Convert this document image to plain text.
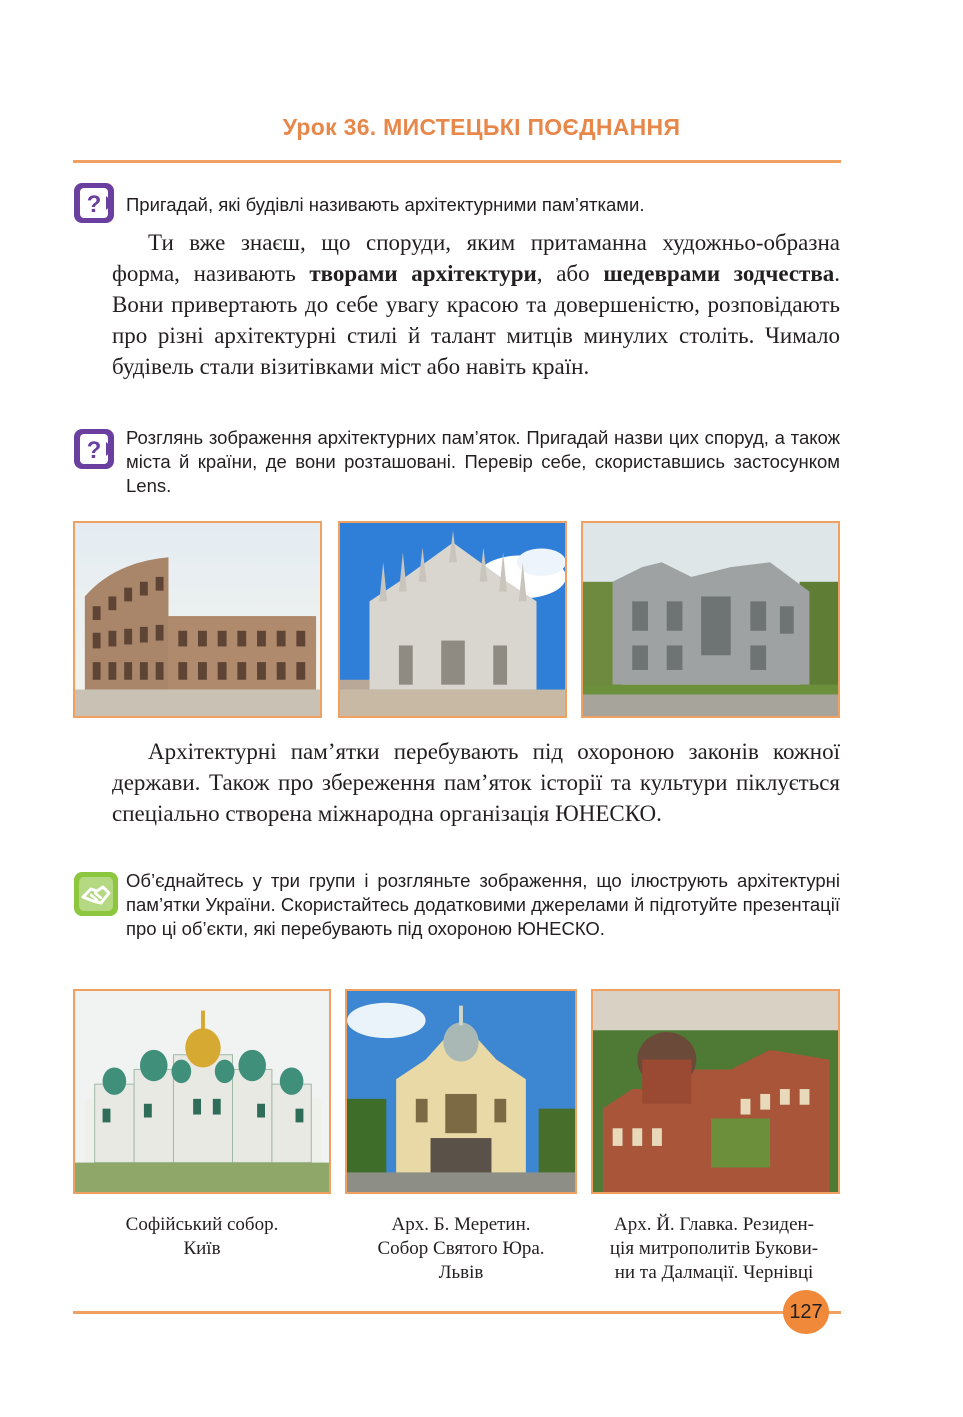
Урок 36. МИСТЕЦЬКІ ПОЄДНАННЯ
? Пригадай, які будівлі називають архітектурними пам’ятками.

Ти вже знаєш, що споруди, яким притаманна художньо-образна форма, називають творами архітектури, або шедеврами зодчества. Вони привертають до себе увагу красою та довершеністю, розповідають про різні архітектурні стилі й талант митців минулих століть. Чимало будівель стали візитівками міст або навіть країн.

? Розглянь зображення архітектурних пам’яток. Пригадай назви цих споруд, а також міста й країни, де вони розташовані. Перевір себе, скориставшись застосунком Lens.

Архітектурні пам’ятки перебувають під охороною законів кожної держави. Також про збереження пам’яток історії та культури піклується спеціально створена міжнародна організація ЮНЕСКО.

Об’єднайтесь у три групи і розгляньте зображення, що ілюструють архітектурні пам’ятки України. Скористайтесь додатковими джерелами й підготуйте презентації про ці об’єкти, які перебувають під охороною ЮНЕСКО.
Софійський собор.
Київ
Арх. Б. Меретин.
Собор Святого Юра.
Львів
Арх. Й. Главка. Резиден-
ція митрополитів Букови-
ни та Далмації. Чернівці
127
